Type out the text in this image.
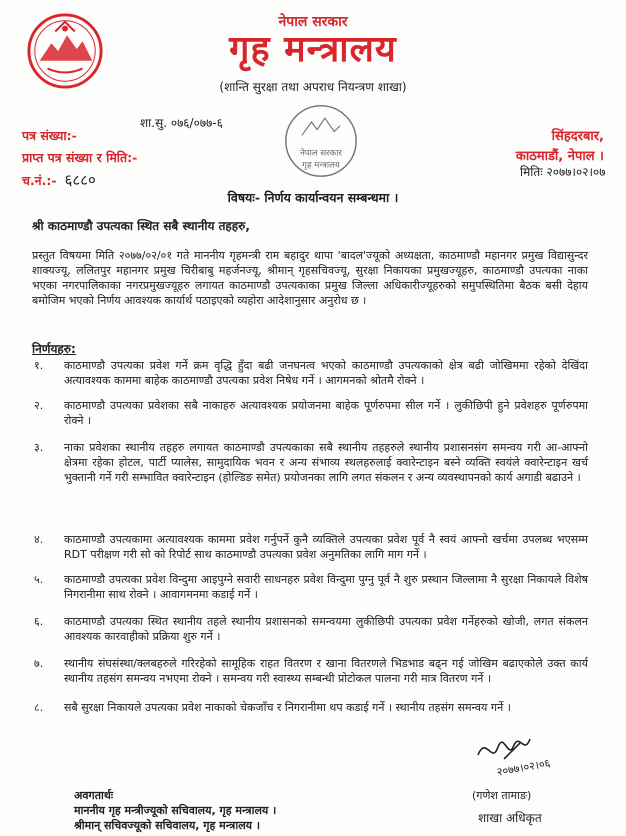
नेपाल सरकार
गृह मन्त्रालय
(शान्ति सुरक्षा तथा अपराध नियन्त्रण शाखा)
शा.सु. ०७६/०७७-६
नेपाल सरकार
गृह मन्त्रालय
पत्र संख्या:-
प्राप्त पत्र संख्या र मिति:-
च.नं.:- ६८८०
सिंहदरबार,
काठमाडौं, नेपाल ।
मितिः २०७७।०२।०७
विषयः- निर्णय कार्यान्वयन सम्बन्धमा ।
श्री काठमाण्डौ उपत्यका स्थित सबै स्थानीय तहहरु,
प्रस्तुत विषयमा मिति २०७७/०२/०१ गते माननीय गृहमन्त्री राम बहादुर थापा 'बादल'ज्यूको अध्यक्षता, काठमाण्डौ महानगर प्रमुख विद्यासुन्दर शाक्यज्यू, ललितपुर महानगर प्रमुख चिरीबाबु महर्जनज्यू, श्रीमान् गृहसचिवज्यू, सुरक्षा निकायका प्रमुखज्यूहरु, काठमाण्डौ उपत्यका नाका भएका नगरपालिकाका नगरप्रमुखज्यूहरु लगायत काठमाण्डौ उपत्यकाका प्रमुख जिल्ला अधिकारीज्यूहरुको समुपस्थितिमा बैठक बसी देहाय बमोजिम भएको निर्णय आवश्यक कार्यार्थ पठाइएको व्यहोरा आदेशानुसार अनुरोध छ ।
निर्णयहरु:
१. काठमाण्डौ उपत्यका प्रवेश गर्ने क्रम वृद्धि हुँदा बढी जनघनत्व भएको काठमाण्डौ उपत्यकाको क्षेत्र बढी जोखिममा रहेको देखिंदा अत्यावश्यक काममा बाहेक काठमाण्डौ उपत्यका प्रवेश निषेध गर्ने । आगमनको श्रोतमै रोक्ने ।
२. काठमाण्डौ उपत्यका प्रवेशका सबै नाकाहरु अत्यावश्यक प्रयोजनमा बाहेक पूर्णरुपमा सील गर्ने । लुकीछिपी हुने प्रवेशहरु पूर्णरुपमा रोक्ने ।
३. नाका प्रवेशका स्थानीय तहहरु लगायत काठमाण्डौ उपत्यकाका सबै स्थानीय तहहरुले स्थानीय प्रशासनसंग समन्वय गरी आ-आफ्नो क्षेत्रमा रहेका होटल, पार्टी प्यालेस, सामुदायिक भवन र अन्य संभाव्य स्थलहरुलाई क्वारेन्टाइन बस्ने व्यक्ति स्वयंले क्वारेन्टाइन खर्च भुक्तानी गर्ने गरी सम्भावित क्वारेन्टाइन (होल्डिङ समेत) प्रयोजनका लागि लगत संकलन र अन्य व्यवस्थापनको कार्य अगाडी बढाउने ।
४. काठमाण्डौ उपत्यकामा अत्यावश्यक काममा प्रवेश गर्नुपर्ने कुनै व्यक्तिले उपत्यका प्रवेश पूर्व नै स्वयं आफ्नो खर्चमा उपलब्ध भएसम्म RDT परीक्षण गरी सो को रिपोर्ट साथ काठमाण्डौ उपत्यका प्रवेश अनुमतिका लागि माग गर्ने ।
५. काठमाण्डौ उपत्यका प्रवेश विन्दुमा आइपुग्ने सवारी साधनहरु प्रवेश विन्दुमा पुग्नु पूर्व नै शुरु प्रस्थान जिल्लामा नै सुरक्षा निकायले विशेष निगरानीमा साथ रोक्ने । आवागमनमा कडाई गर्ने ।
६. काठमाण्डौ उपत्यका स्थित स्थानीय तहले स्थानीय प्रशासनको समन्वयमा लुकीछिपी उपत्यका प्रवेश गर्नेहरुको खोजी, लगत संकलन आवश्यक कारवाहीको प्रक्रिया शुरु गर्ने ।
७. स्थानीय संघसंस्था/क्लबहरुले गरिरहेको सामूहिक राहत वितरण र खाना वितरणले भिडभाड बढ्न गई जोखिम बढाएकोले उक्त कार्य स्थानीय तहसंग समन्वय नभएमा रोक्ने । समन्वय गरी स्वास्थ्य सम्बन्धी प्रोटोकल पालना गरी मात्र वितरण गर्ने ।
८. सबै सुरक्षा निकायले उपत्यका प्रवेश नाकाको चेकजाँच र निगरानीमा थप कडाई गर्ने । स्थानीय तहसंग समन्वय गर्ने ।
२०७७।०२।०६
(गणेश तामाङ)
शाखा अधिकृत
अवगतार्थः
माननीय गृह मन्त्रीज्यूको सचिवालय, गृह मन्त्रालय ।
श्रीमान् सचिवज्यूको सचिवालय, गृह मन्त्रालय ।
